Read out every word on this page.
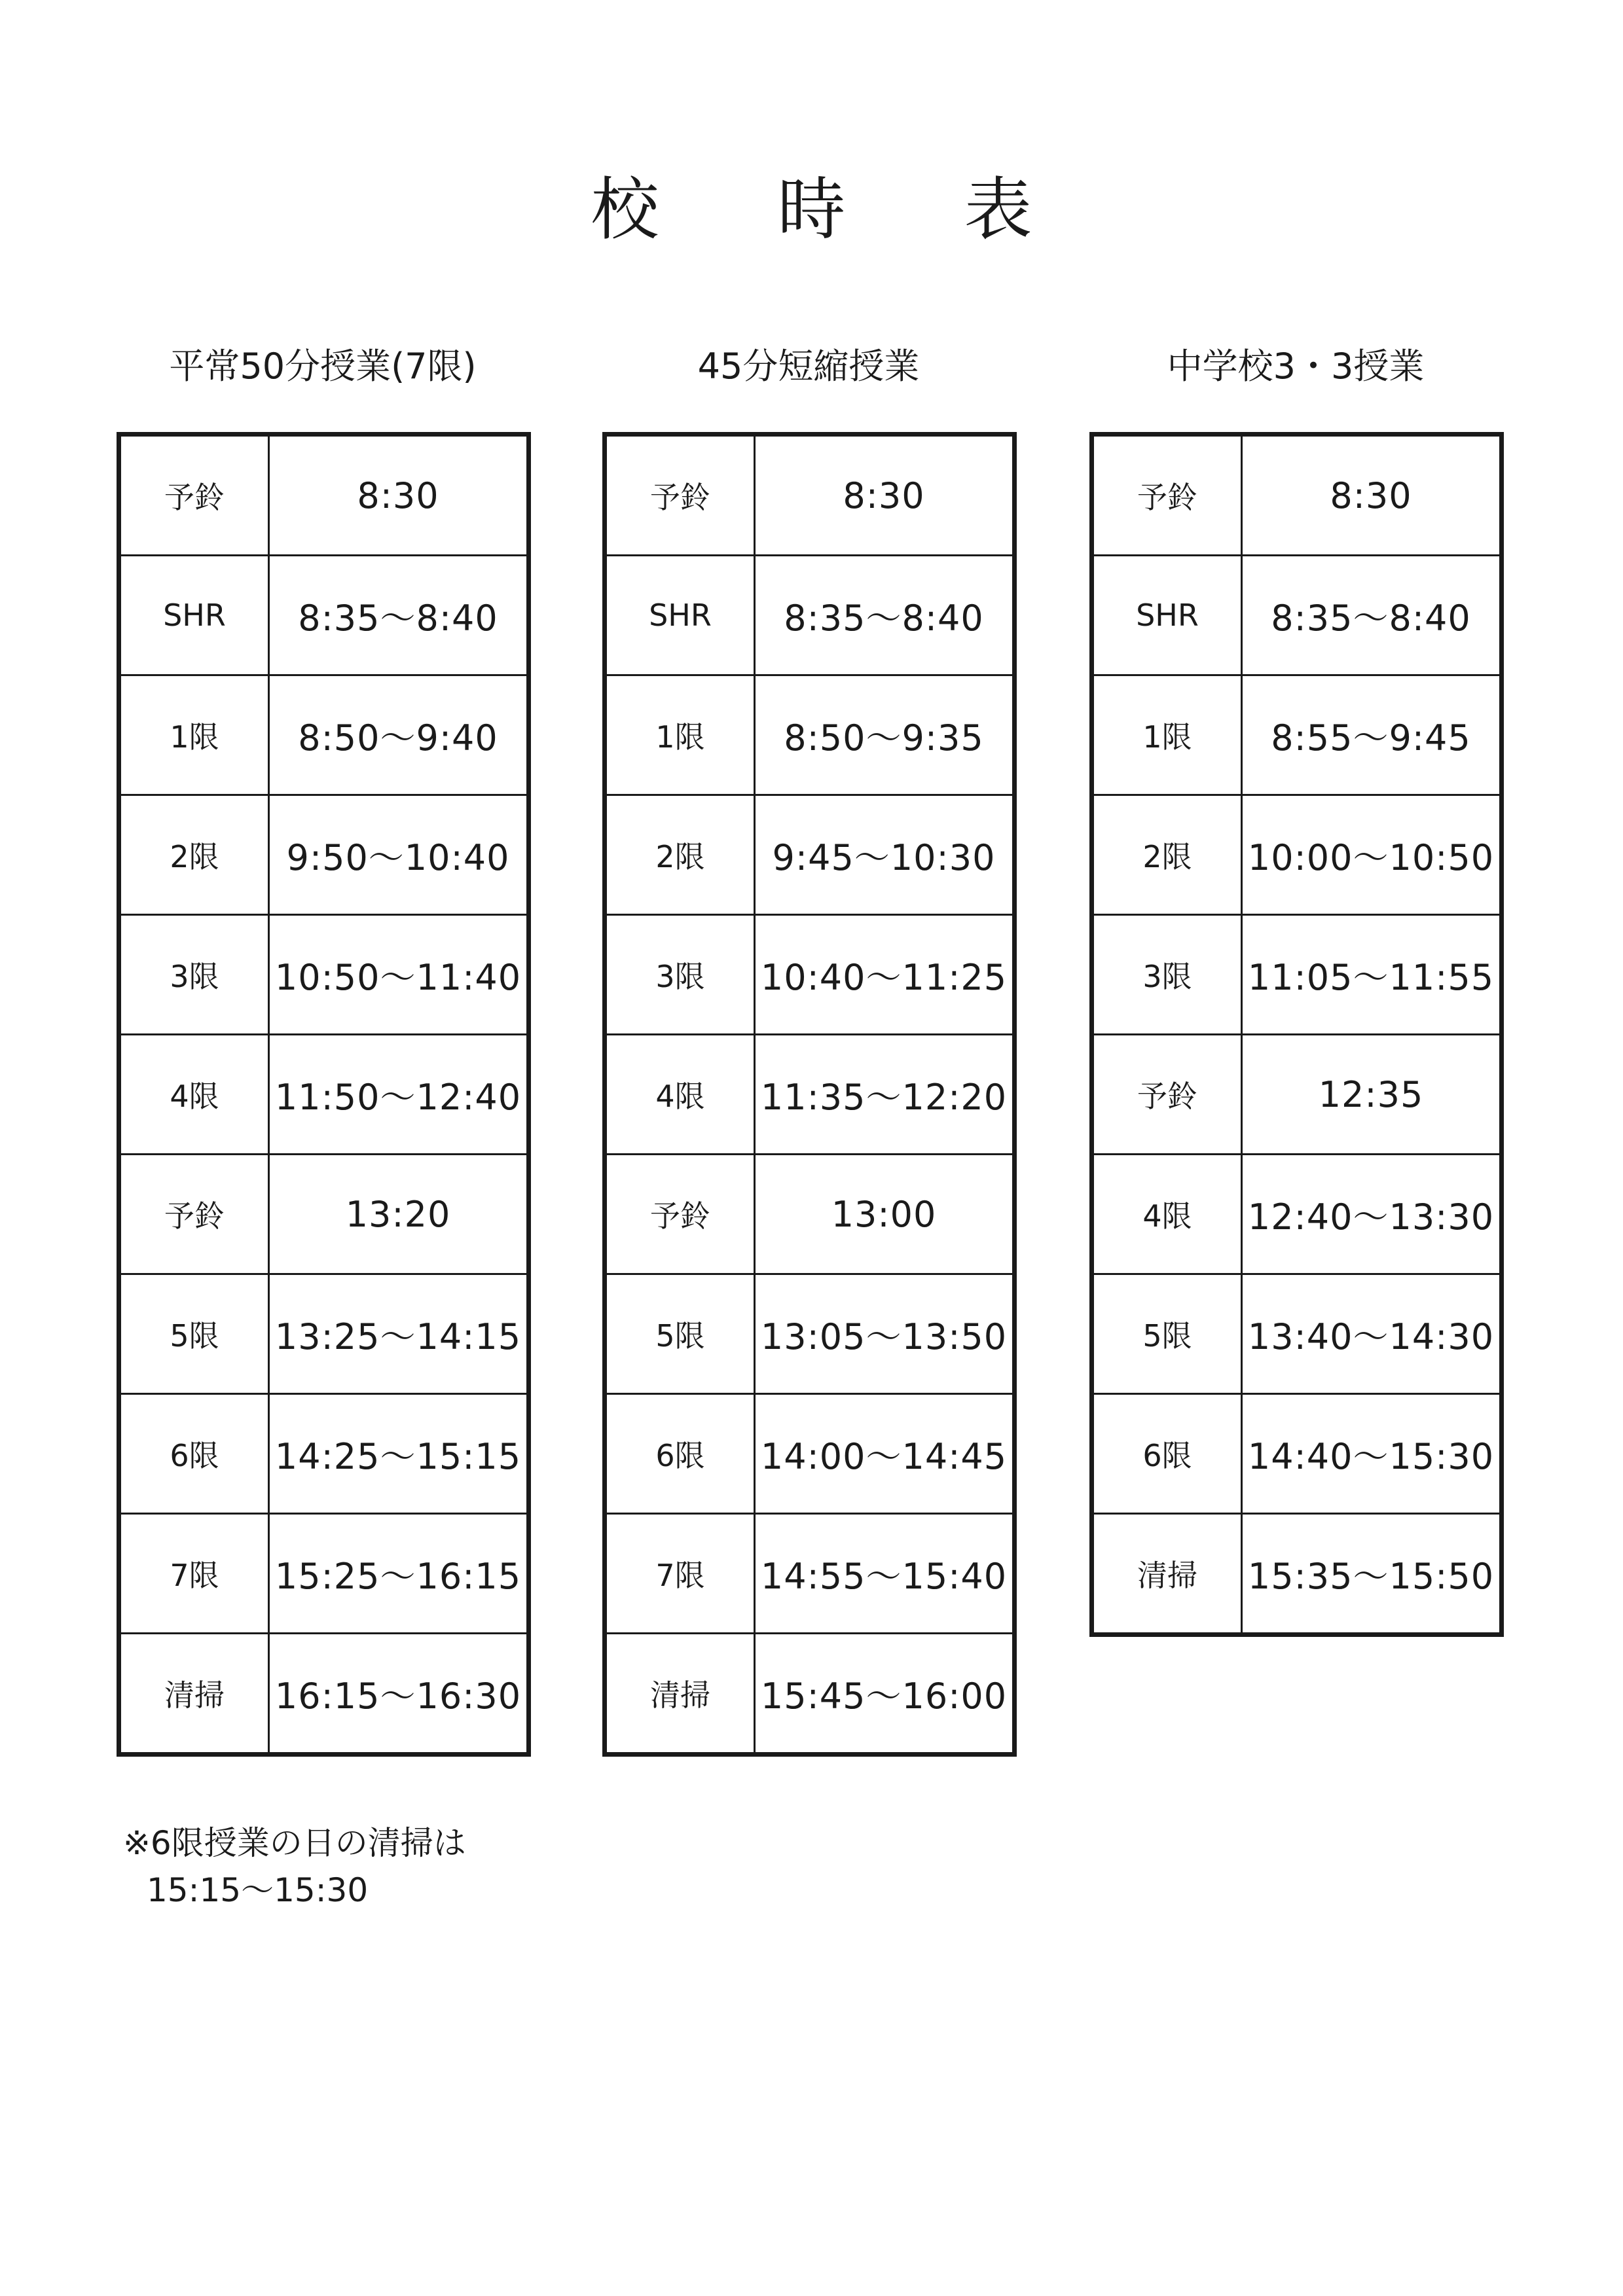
校 時 表
平常50分授業(7限)	45分短縮授業	中学校3・3授業
予鈴	8:30
SHR	8:35〜8:40
1限	8:50〜9:40
2限	9:50〜10:40
3限	10:50〜11:40
4限	11:50〜12:40
予鈴	13:20
5限	13:25〜14:15
6限	14:25〜15:15
7限	15:25〜16:15
清掃	16:15〜16:30
予鈴	8:30
SHR	8:35〜8:40
1限	8:50〜9:35
2限	9:45〜10:30
3限	10:40〜11:25
4限	11:35〜12:20
予鈴	13:00
5限	13:05〜13:50
6限	14:00〜14:45
7限	14:55〜15:40
清掃	15:45〜16:00
予鈴	8:30
SHR	8:35〜8:40
1限	8:55〜9:45
2限	10:00〜10:50
3限	11:05〜11:55
予鈴	12:35
4限	12:40〜13:30
5限	13:40〜14:30
6限	14:40〜15:30
清掃	15:35〜15:50
※6限授業の日の清掃は
15:15〜15:30
